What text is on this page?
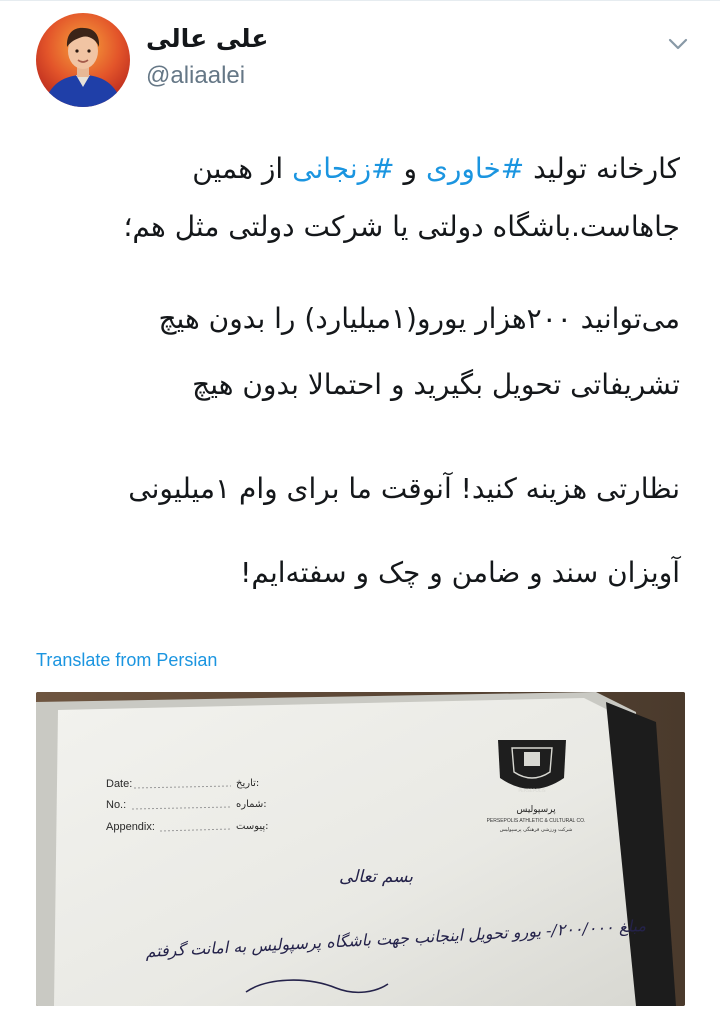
علی عالی
@aliaalei

کارخانه تولید #خاوری و #زنجانی از همین

جاهاست.باشگاه دولتی یا شرکت دولتی مثل هم؛

می‌توانید ۲۰۰هزار یورو(۱میلیارد) را بدون هیچ

تشریفاتی تحویل بگیرید و احتمالا بدون هیچ

نظارتی هزینه کنید! آنوقت ما برای وام ۱میلیونی

آویزان سند و ضامن و چک و سفته‌ایم!

Translate from Persian
Date:	تاریخ:
No.:	شماره:
Appendix:	پیوست:
PERSEPOLIS
پرسپولیس
PERSEPOLIS ATHLETIC & CULTURAL CO.
شرکت ورزشی فرهنگی پرسپولیس
بسم تعالی
مبلغ ۲۰۰/۰۰۰/- یورو تحویل اینجانب جهت باشگاه پرسپولیس به امانت گرفتم
